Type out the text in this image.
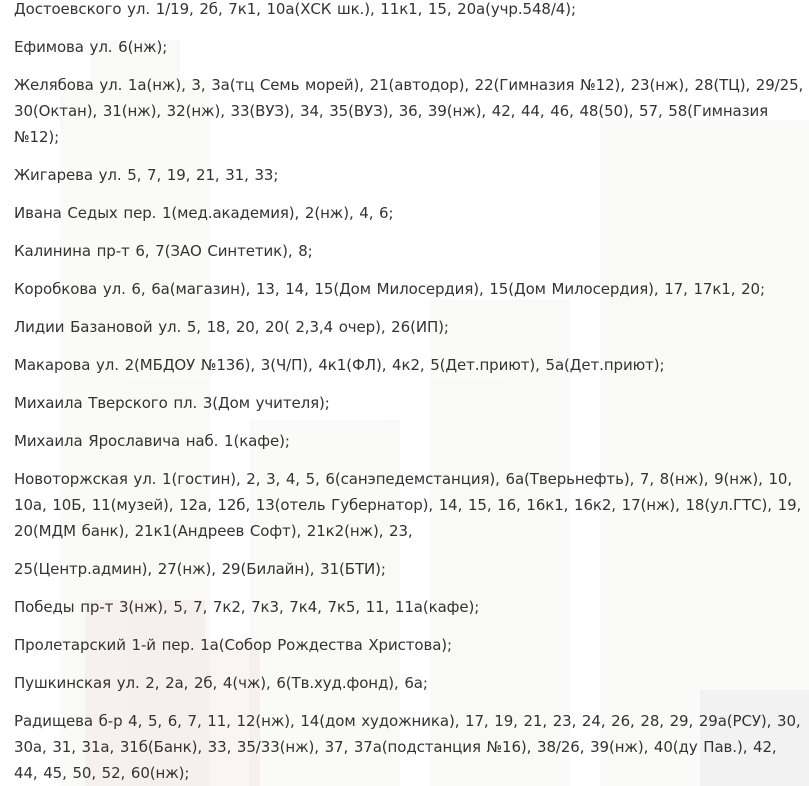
Достоевского ул. 1/19, 2б, 7к1, 10а(ХСК шк.), 11к1, 15, 20а(учр.548/4);

Ефимова ул. 6(нж);

Желябова ул. 1а(нж), 3, 3а(тц Семь морей), 21(автодор), 22(Гимназия №12), 23(нж), 28(ТЦ), 29/25, 30(Октан), 31(нж), 32(нж), 33(ВУЗ), 34, 35(ВУЗ), 36, 39(нж), 42, 44, 46, 48(50), 57, 58(Гимназия №12);

Жигарева ул. 5, 7, 19, 21, 31, 33;

Ивана Седых пер. 1(мед.академия), 2(нж), 4, 6;

Калинина пр-т 6, 7(ЗАО Синтетик), 8;

Коробкова ул. 6, 6а(магазин), 13, 14, 15(Дом Милосердия), 15(Дом Милосердия), 17, 17к1, 20;

Лидии Базановой ул. 5, 18, 20, 20( 2,3,4 очер), 26(ИП);

Макарова ул. 2(МБДОУ №136), 3(Ч/П), 4к1(ФЛ), 4к2, 5(Дет.приют), 5а(Дет.приют);

Михаила Тверского пл. 3(Дом учителя);

Михаила Ярославича наб. 1(кафе);

Новоторжская ул. 1(гостин), 2, 3, 4, 5, 6(санэпедемстанция), 6а(Тверьнефть), 7, 8(нж), 9(нж), 10, 10а, 10Б, 11(музей), 12а, 12б, 13(отель Губернатор), 14, 15, 16, 16к1, 16к2, 17(нж), 18(ул.ГТС), 19, 20(МДМ банк), 21к1(Андреев Софт), 21к2(нж), 23,

25(Центр.админ), 27(нж), 29(Билайн), 31(БТИ);

Победы пр-т 3(нж), 5, 7, 7к2, 7к3, 7к4, 7к5, 11, 11а(кафе);

Пролетарский 1-й пер. 1а(Собор Рождества Христова);

Пушкинская ул. 2, 2а, 2б, 4(чж), 6(Тв.худ.фонд), 6а;

Радищева б-р 4, 5, 6, 7, 11, 12(нж), 14(дом художника), 17, 19, 21, 23, 24, 26, 28, 29, 29а(РСУ), 30, 30а, 31, 31а, 31б(Банк), 33, 35/33(нж), 37, 37а(подстанция №16), 38/26, 39(нж), 40(ду Пав.), 42, 44, 45, 50, 52, 60(нж);
